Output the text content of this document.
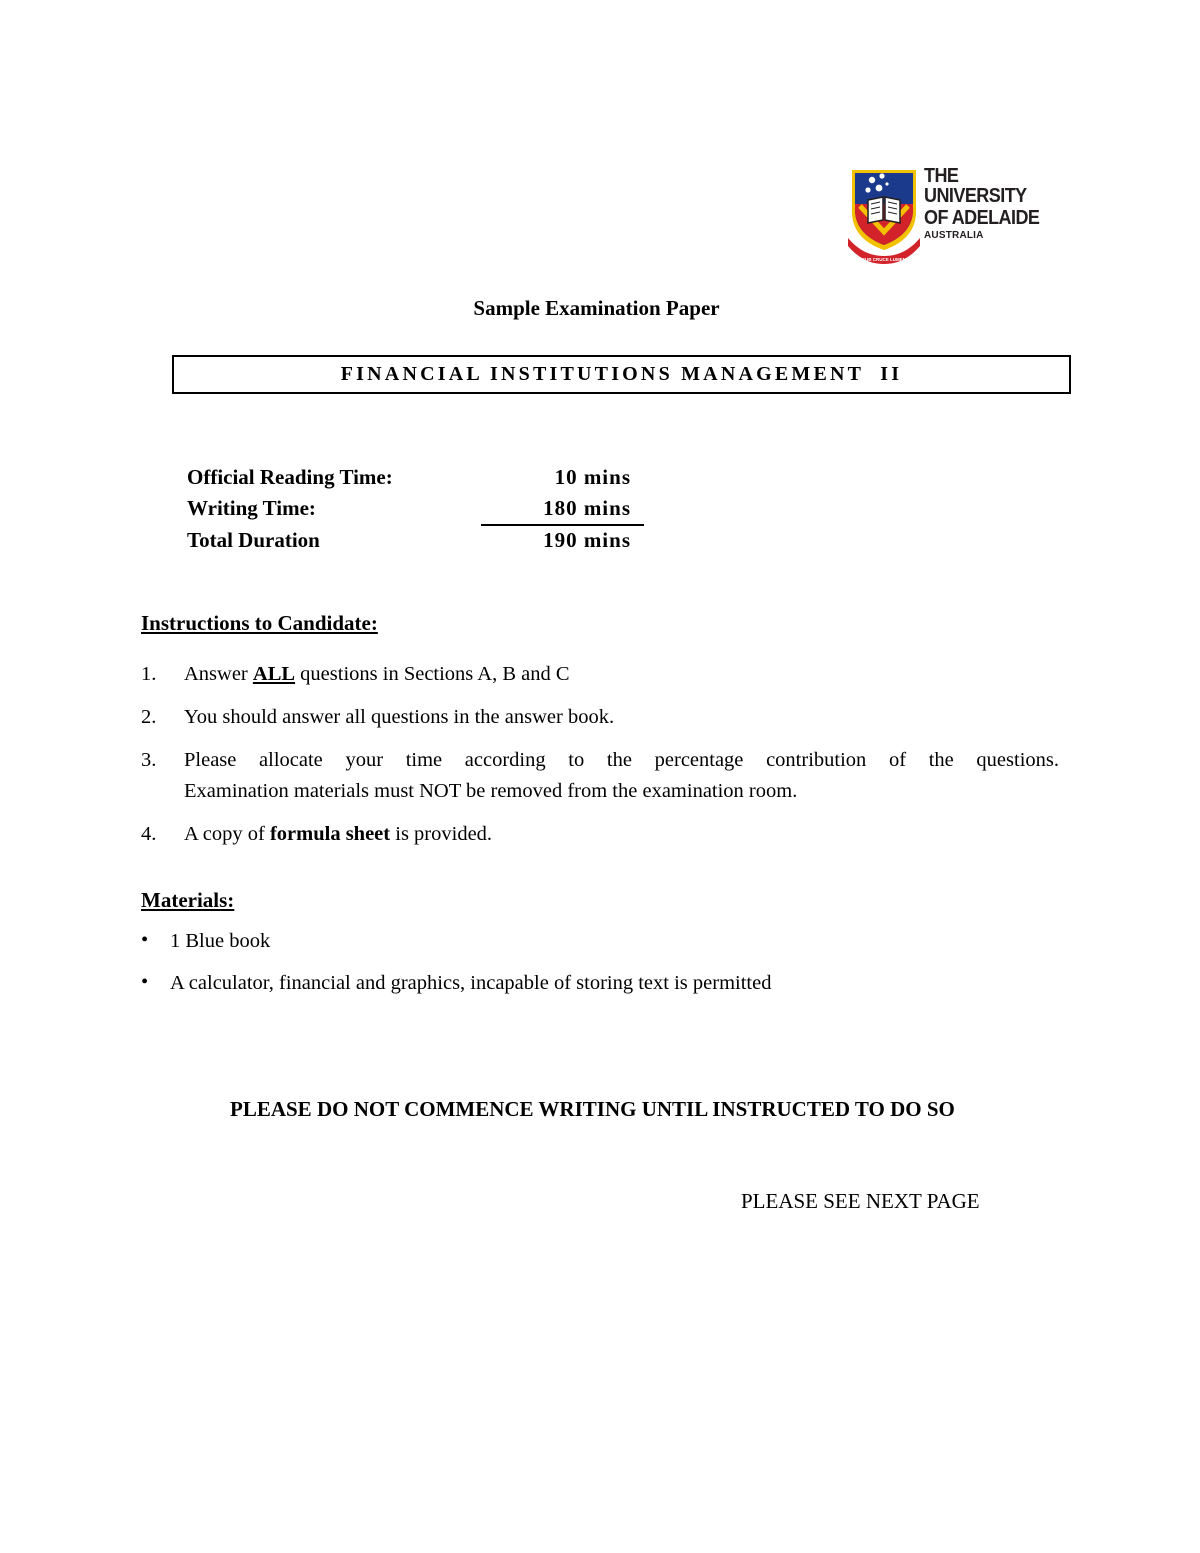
SUB CRUCE LUMEN
THE UNIVERSITY
OF ADELAIDE
AUSTRALIA
Sample Examination Paper
FINANCIAL INSTITUTIONS MANAGEMENT  II
Official Reading Time:	10 mins
Writing Time:	180 mins
Total Duration	190 mins
Instructions to Candidate:
1. Answer ALL questions in Sections A, B and C
2. You should answer all questions in the answer book.
3. Please allocate your time according to the percentage contribution of the questions.
Examination materials must NOT be removed from the examination room.
4. A copy of formula sheet is provided.
Materials:
• 1 Blue book
• A calculator, financial and graphics, incapable of storing text is permitted
PLEASE DO NOT COMMENCE WRITING UNTIL INSTRUCTED TO DO SO
PLEASE SEE NEXT PAGE
